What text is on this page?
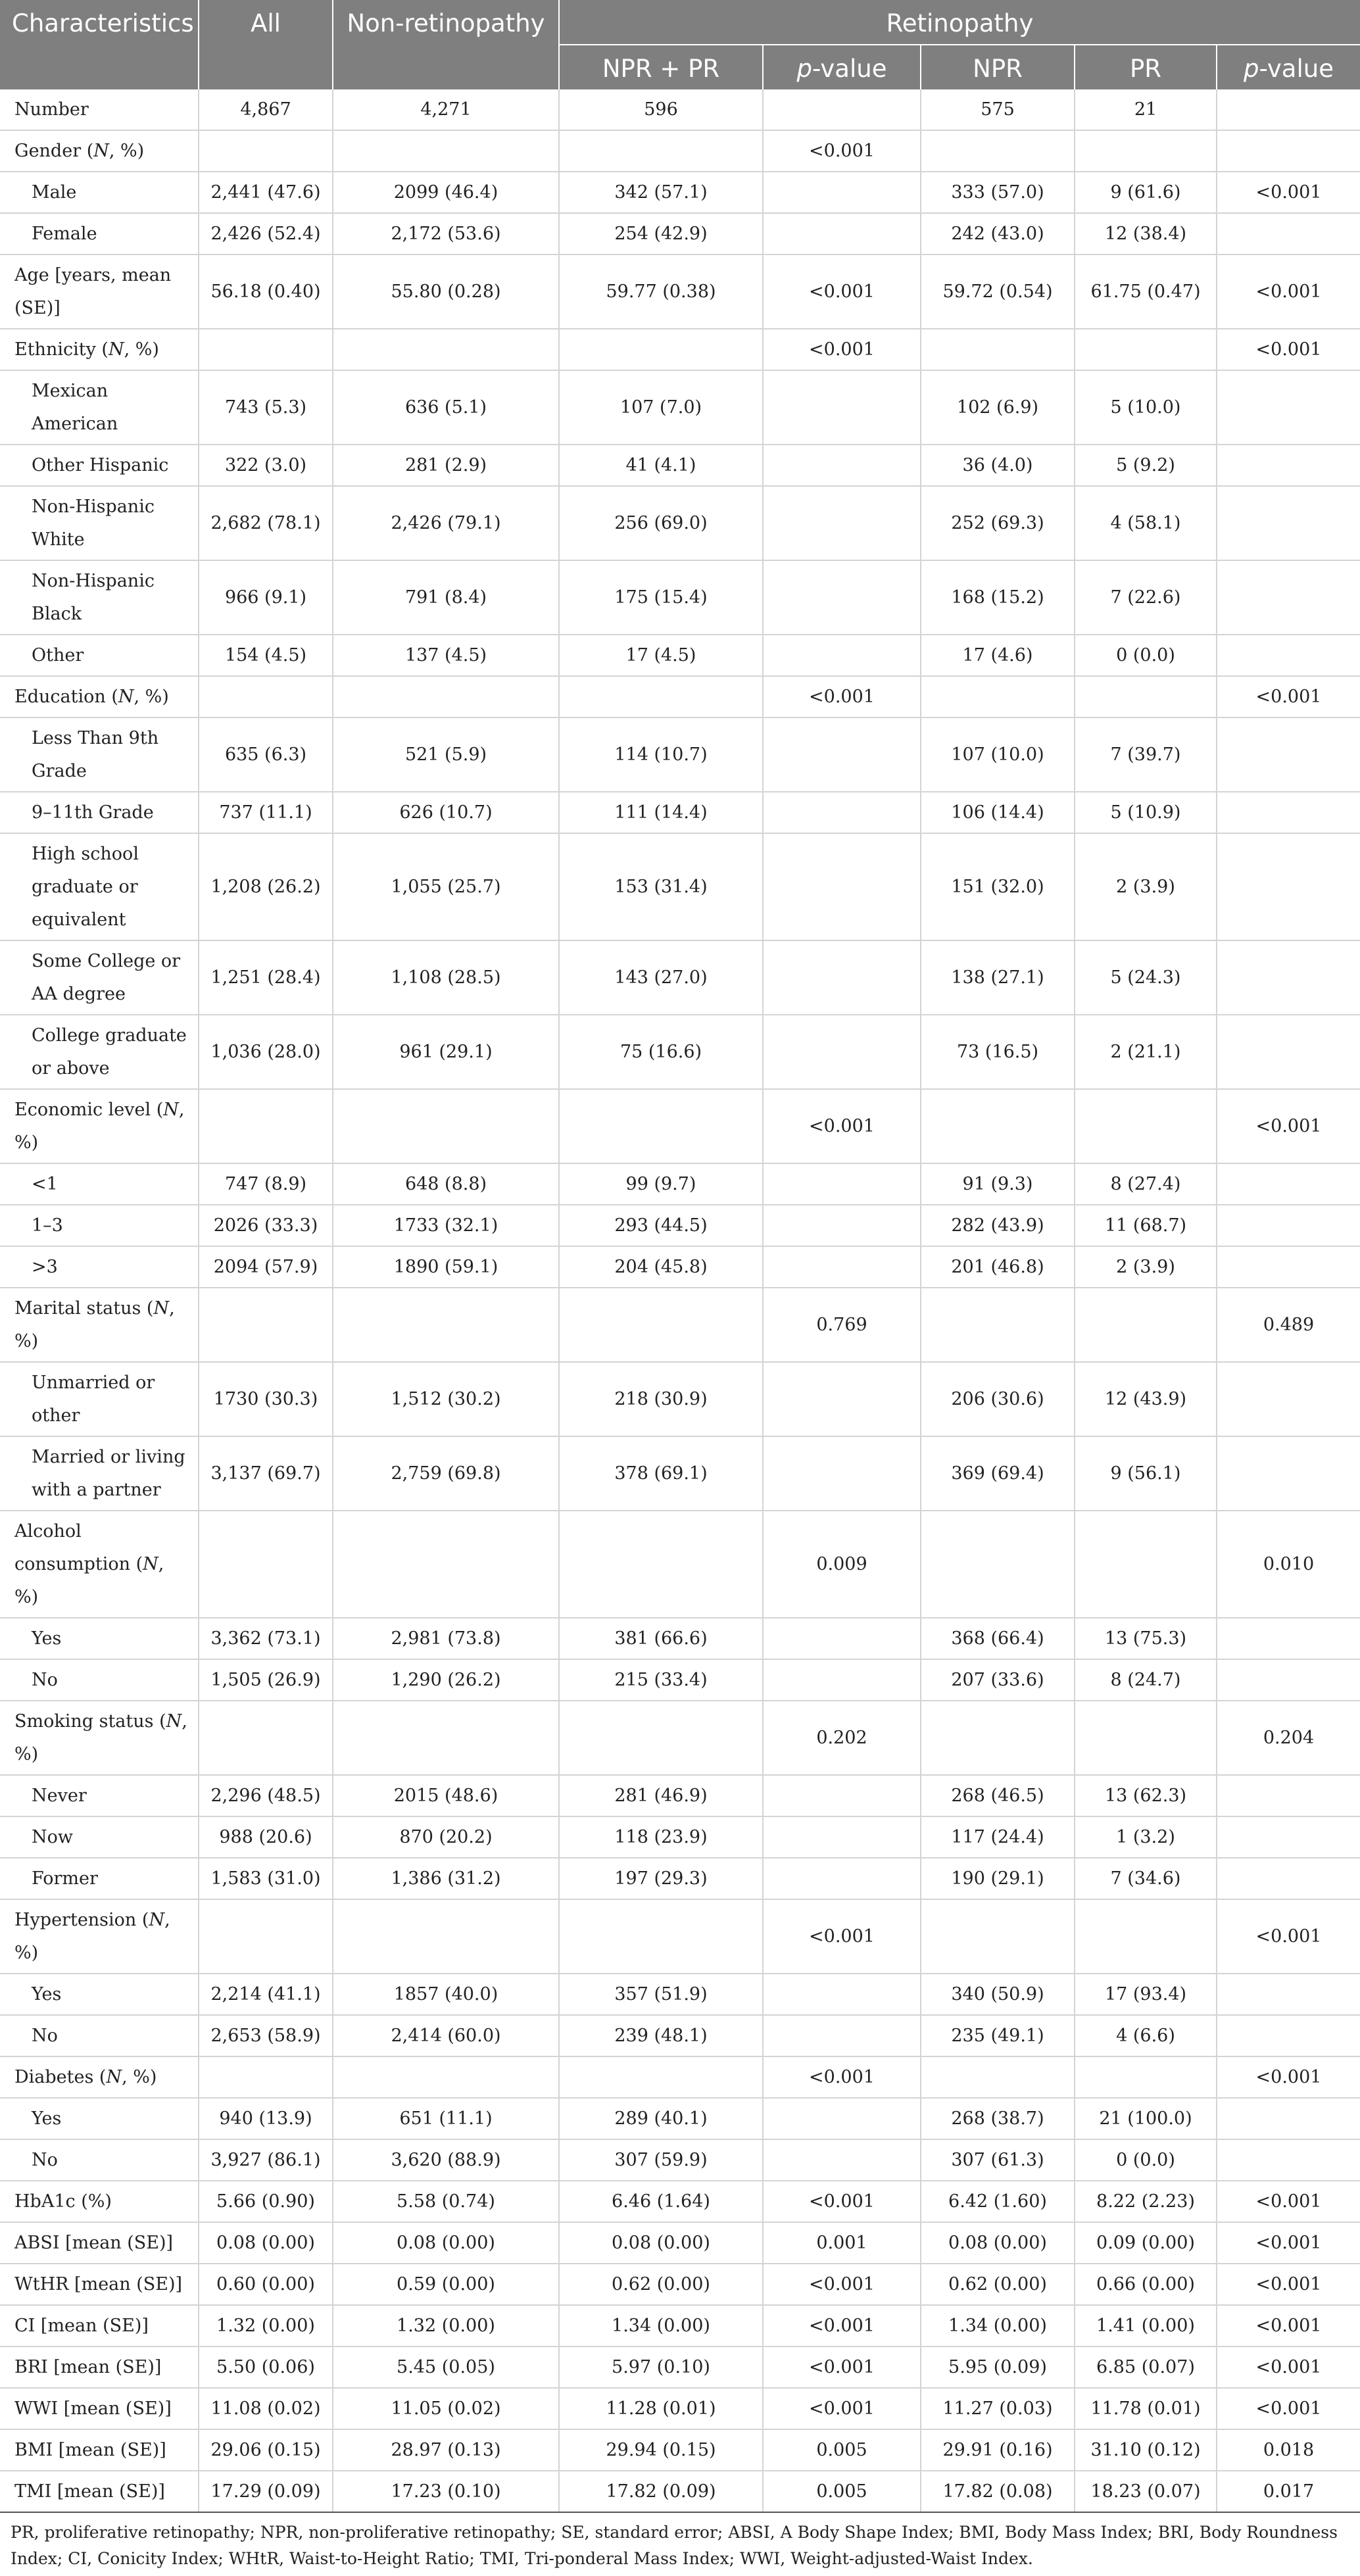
Characteristics	All	Non-retinopathy	Retinopathy				
			NPR + PR	p-value	NPR	PR	p-value
Number	4,867	4,271	596		575	21	
Gender (N, %)				<0.001			
Male	2,441 (47.6)	2099 (46.4)	342 (57.1)		333 (57.0)	9 (61.6)	<0.001
Female	2,426 (52.4)	2,172 (53.6)	254 (42.9)		242 (43.0)	12 (38.4)	
Age [years, mean (SE)]	56.18 (0.40)	55.80 (0.28)	59.77 (0.38)	<0.001	59.72 (0.54)	61.75 (0.47)	<0.001
Ethnicity (N, %)				<0.001			<0.001
Mexican American	743 (5.3)	636 (5.1)	107 (7.0)		102 (6.9)	5 (10.0)	
Other Hispanic	322 (3.0)	281 (2.9)	41 (4.1)		36 (4.0)	5 (9.2)	
Non-Hispanic White	2,682 (78.1)	2,426 (79.1)	256 (69.0)		252 (69.3)	4 (58.1)	
Non-Hispanic Black	966 (9.1)	791 (8.4)	175 (15.4)		168 (15.2)	7 (22.6)	
Other	154 (4.5)	137 (4.5)	17 (4.5)		17 (4.6)	0 (0.0)	
Education (N, %)				<0.001			<0.001
Less Than 9th Grade	635 (6.3)	521 (5.9)	114 (10.7)		107 (10.0)	7 (39.7)	
9–11th Grade	737 (11.1)	626 (10.7)	111 (14.4)		106 (14.4)	5 (10.9)	
High school graduate or equivalent	1,208 (26.2)	1,055 (25.7)	153 (31.4)		151 (32.0)	2 (3.9)	
Some College or AA degree	1,251 (28.4)	1,108 (28.5)	143 (27.0)		138 (27.1)	5 (24.3)	
College graduate or above	1,036 (28.0)	961 (29.1)	75 (16.6)		73 (16.5)	2 (21.1)	
Economic level (N, %)				<0.001			<0.001
<1	747 (8.9)	648 (8.8)	99 (9.7)		91 (9.3)	8 (27.4)	
1–3	2026 (33.3)	1733 (32.1)	293 (44.5)		282 (43.9)	11 (68.7)	
>3	2094 (57.9)	1890 (59.1)	204 (45.8)		201 (46.8)	2 (3.9)	
Marital status (N, %)				0.769			0.489
Unmarried or other	1730 (30.3)	1,512 (30.2)	218 (30.9)		206 (30.6)	12 (43.9)	
Married or living with a partner	3,137 (69.7)	2,759 (69.8)	378 (69.1)		369 (69.4)	9 (56.1)	
Alcohol consumption (N, %)				0.009			0.010
Yes	3,362 (73.1)	2,981 (73.8)	381 (66.6)		368 (66.4)	13 (75.3)	
No	1,505 (26.9)	1,290 (26.2)	215 (33.4)		207 (33.6)	8 (24.7)	
Smoking status (N, %)				0.202			0.204
Never	2,296 (48.5)	2015 (48.6)	281 (46.9)		268 (46.5)	13 (62.3)	
Now	988 (20.6)	870 (20.2)	118 (23.9)		117 (24.4)	1 (3.2)	
Former	1,583 (31.0)	1,386 (31.2)	197 (29.3)		190 (29.1)	7 (34.6)	
Hypertension (N, %)				<0.001			<0.001
Yes	2,214 (41.1)	1857 (40.0)	357 (51.9)		340 (50.9)	17 (93.4)	
No	2,653 (58.9)	2,414 (60.0)	239 (48.1)		235 (49.1)	4 (6.6)	
Diabetes (N, %)				<0.001			<0.001
Yes	940 (13.9)	651 (11.1)	289 (40.1)		268 (38.7)	21 (100.0)	
No	3,927 (86.1)	3,620 (88.9)	307 (59.9)		307 (61.3)	0 (0.0)	
HbA1c (%)	5.66 (0.90)	5.58 (0.74)	6.46 (1.64)	<0.001	6.42 (1.60)	8.22 (2.23)	<0.001
ABSI [mean (SE)]	0.08 (0.00)	0.08 (0.00)	0.08 (0.00)	0.001	0.08 (0.00)	0.09 (0.00)	<0.001
WtHR [mean (SE)]	0.60 (0.00)	0.59 (0.00)	0.62 (0.00)	<0.001	0.62 (0.00)	0.66 (0.00)	<0.001
CI [mean (SE)]	1.32 (0.00)	1.32 (0.00)	1.34 (0.00)	<0.001	1.34 (0.00)	1.41 (0.00)	<0.001
BRI [mean (SE)]	5.50 (0.06)	5.45 (0.05)	5.97 (0.10)	<0.001	5.95 (0.09)	6.85 (0.07)	<0.001
WWI [mean (SE)]	11.08 (0.02)	11.05 (0.02)	11.28 (0.01)	<0.001	11.27 (0.03)	11.78 (0.01)	<0.001
BMI [mean (SE)]	29.06 (0.15)	28.97 (0.13)	29.94 (0.15)	0.005	29.91 (0.16)	31.10 (0.12)	0.018
TMI [mean (SE)]	17.29 (0.09)	17.23 (0.10)	17.82 (0.09)	0.005	17.82 (0.08)	18.23 (0.07)	0.017
PR, proliferative retinopathy; NPR, non-proliferative retinopathy; SE, standard error; ABSI, A Body Shape Index; BMI, Body Mass Index; BRI, Body Roundness Index; CI, Conicity Index; WHtR, Waist-to-Height Ratio; TMI, Tri-ponderal Mass Index; WWI, Weight-adjusted-Waist Index.
